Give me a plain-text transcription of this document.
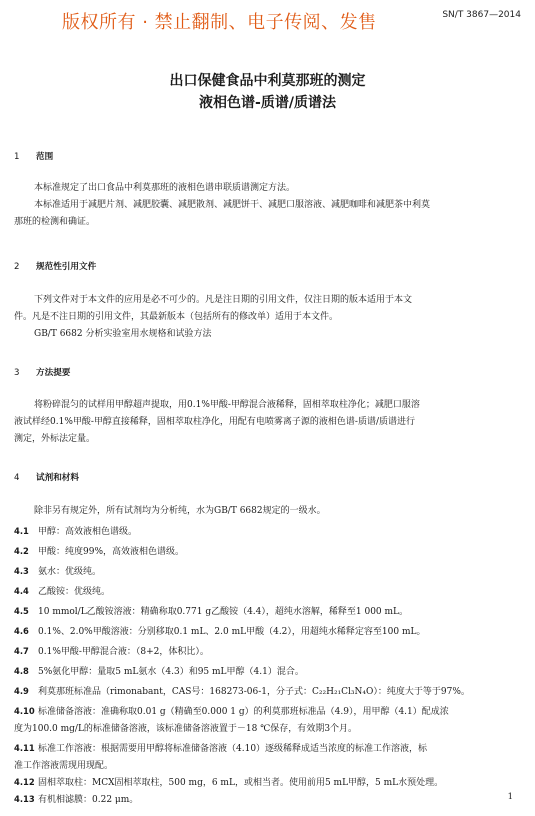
版权所有 · 禁止翻制、电子传阅、发售	SN/T 3867—2014
出口保健食品中利莫那班的测定
液相色谱-质谱/质谱法
1 范围
本标准规定了出口食品中利莫那班的液相色谱串联质谱测定方法。
本标准适用于减肥片剂、减肥胶囊、减肥散剂、减肥饼干、减肥口服溶液、减肥咖啡和减肥茶中利莫
那班的检测和确证。
2 规范性引用文件
下列文件对于本文件的应用是必不可少的。凡是注日期的引用文件，仅注日期的版本适用于本文
件。凡是不注日期的引用文件，其最新版本（包括所有的修改单）适用于本文件。
GB/T 6682 分析实验室用水规格和试验方法
3 方法提要
将粉碎混匀的试样用甲醇超声提取，用0.1%甲酸-甲醇混合液稀释，固相萃取柱净化；减肥口服溶
液试样经0.1%甲酸-甲醇直接稀释，固相萃取柱净化，用配有电喷雾离子源的液相色谱-质谱/质谱进行
测定，外标法定量。
4 试剂和材料
除非另有规定外，所有试剂均为分析纯，水为GB/T 6682规定的一级水。
4.1 甲醇：高效液相色谱级。
4.2 甲酸：纯度99%，高效液相色谱级。
4.3 氨水：优级纯。
4.4 乙酸铵：优级纯。
4.5 10 mmol/L乙酸铵溶液：精确称取0.771 g乙酸铵（4.4），超纯水溶解，稀释至1 000 mL。
4.6 0.1%、2.0%甲酸溶液：分别移取0.1 mL、2.0 mL甲酸（4.2），用超纯水稀释定容至100 mL。
4.7 0.1%甲酸-甲醇混合液：（8+2，体积比）。
4.8 5%氨化甲醇：量取5 mL氨水（4.3）和95 mL甲醇（4.1）混合。
4.9 利莫那班标准品（rimonabant，CAS号：168273-06-1，分子式：C₂₂H₂₁Cl₃N₄O）：纯度大于等于97%。
4.10 标准储备溶液：准确称取0.01 g（精确至0.000 1 g）的利莫那班标准品（4.9），用甲醇（4.1）配成浓
度为100.0 mg/L的标准储备溶液，该标准储备溶液置于－18 ℃保存，有效期3个月。
4.11 标准工作溶液：根据需要用甲醇将标准储备溶液（4.10）逐级稀释成适当浓度的标准工作溶液，标
准工作溶液需现用现配。
4.12 固相萃取柱：MCX固相萃取柱，500 mg，6 mL，或相当者。使用前用5 mL甲醇，5 mL水预处理。
4.13 有机相滤膜：0.22 μm。	1
